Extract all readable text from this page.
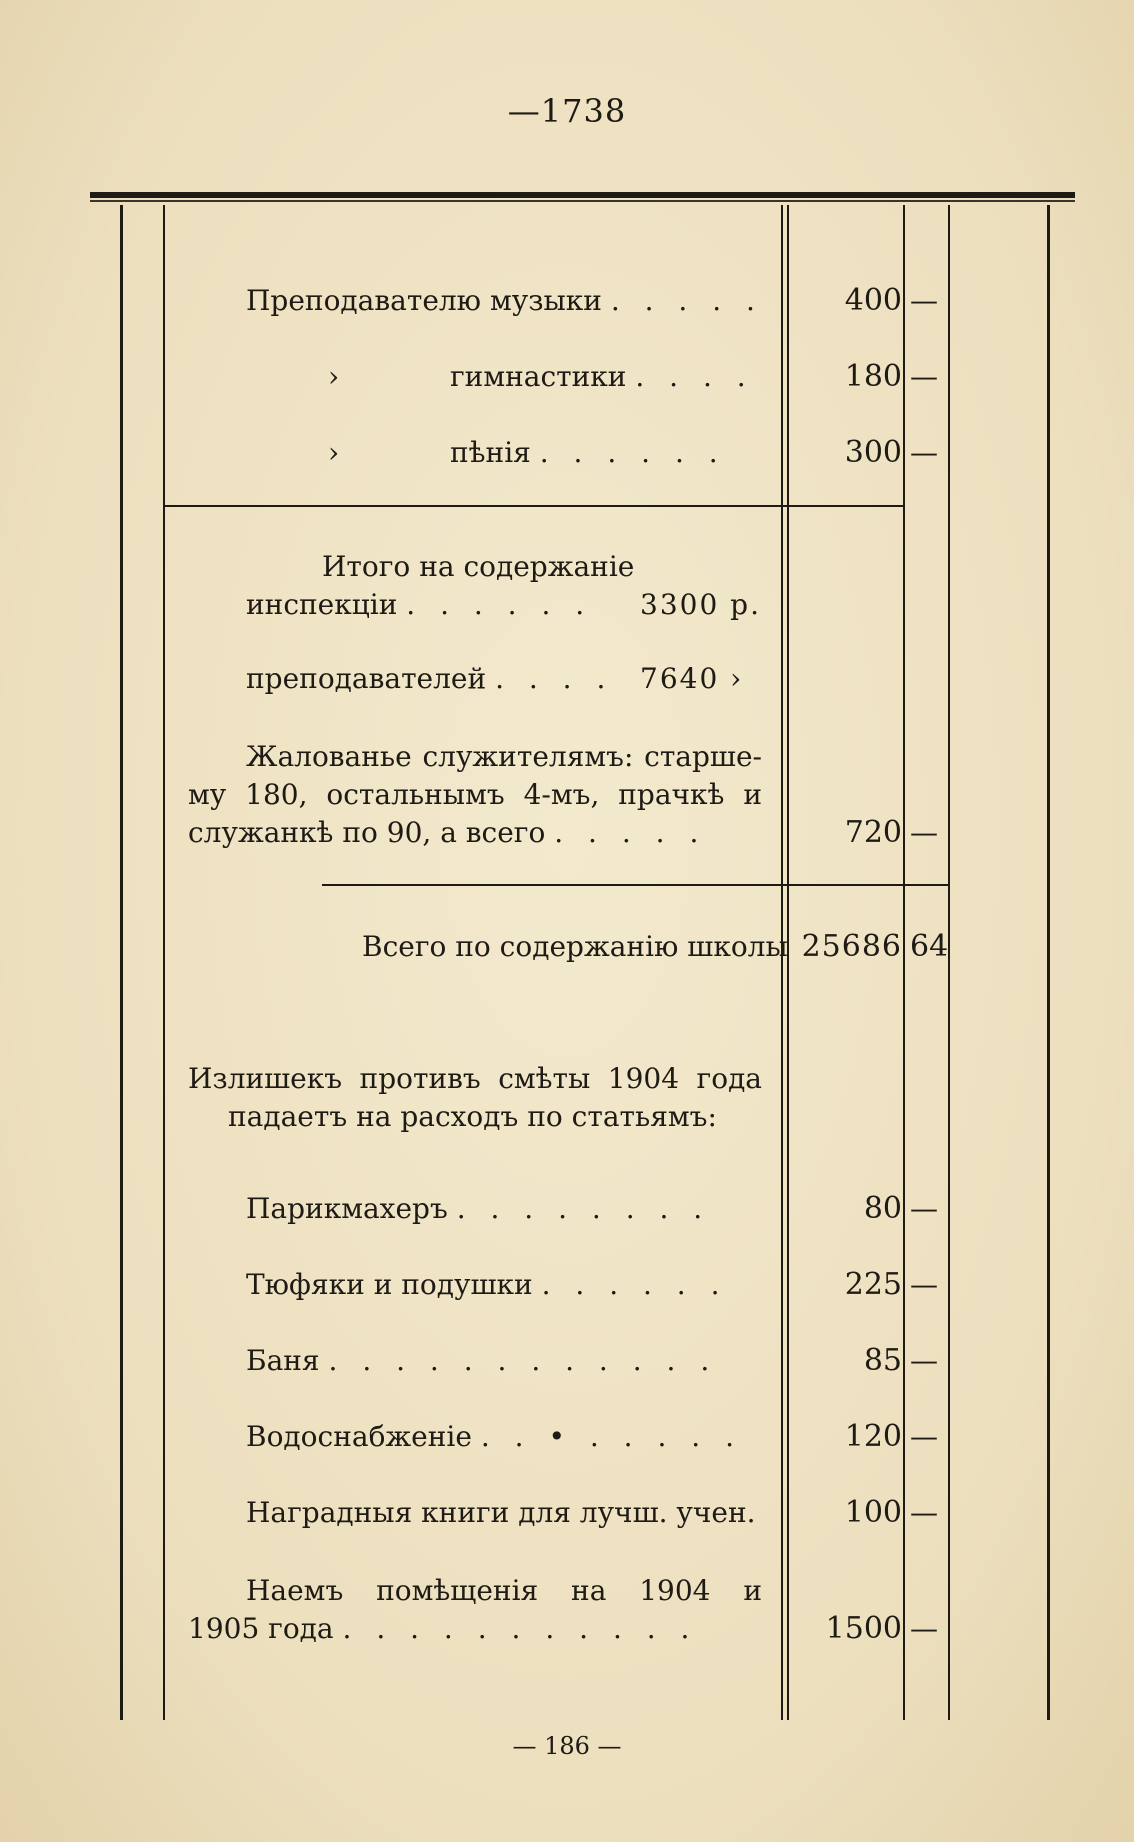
—1738
Преподавателю музыки . . . . .	400 —
›	гимнастики . . . .	180 —
›	пѣнія . . . . . .	300 —
Итого на содержаніе
инспекціи . . . . . . 3300 р.
преподавателей . . . . 7640 ›
Жалованье служителямъ: старше-
му 180, остальнымъ 4-мъ, прачкѣ и
служанкѣ по 90, а всего . . . . .	720 —
Всего по содержанію школы 25686 64
Излишекъ противъ смѣты 1904 года
падаетъ на расходъ по статьямъ:
Парикмахеръ . . . . . . . .	80 —
Тюфяки и подушки . . . . . .	225 —
Баня . . . . . . . . . . . .	85 —
Водоснабженіе . . • . . . . .	120 —
Наградныя книги для лучш. учен.	100 —
Наемъ помѣщенія на 1904 и
1905 года . . . . . . . . . . .	1500 —
— 186 —
